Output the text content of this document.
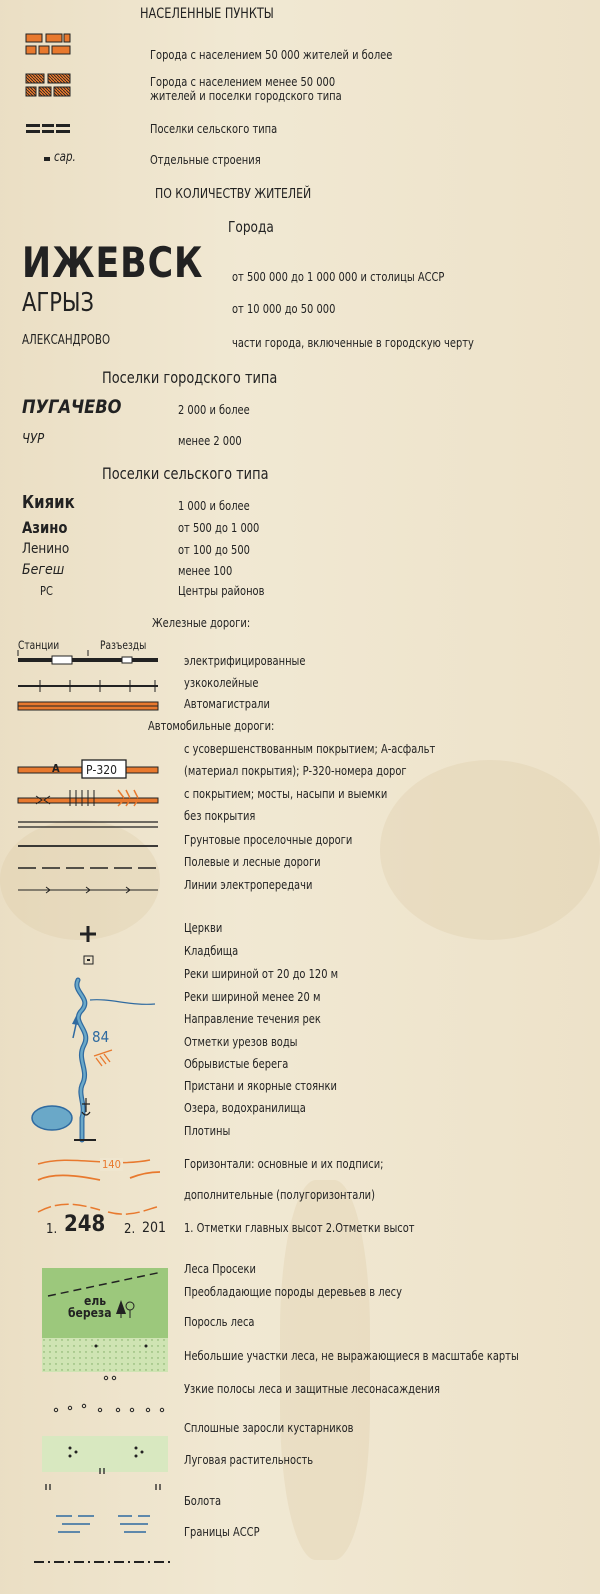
НАСЕЛЕННЫЕ ПУНКТЫ
Города с населением 50 000 жителей и более
Города с населением менее 50 000
жителей и поселки городского типа
Поселки сельского типа
Отдельные строения
сар.
ПО КОЛИЧЕСТВУ ЖИТЕЛЕЙ
Города
ИЖЕВСК от 500 000 до 1 000 000 и столицы АССР
АГРЫЗ	от 10 000 до 50 000
АЛЕКСАНДРОВО	части города, включенные в городскую черту
Поселки городского типа
ПУГАЧЕВО	2 000 и более
ЧУР	менее 2 000
Поселки сельского типа
Кияик	1 000 и более
Азино	от 500 до 1 000
Ленино	от 100 до 500
Бегеш	менее 100
РС	Центры районов
Железные дороги:
Станции	Разъезды
электрифицированные
узкоколейные
Автомагистрали
Автомобильные дороги:
А Р-320
с усовершенствованным покрытием; А-асфальт
(материал покрытия); Р-320-номера дорог
с покрытием; мосты, насыпи и выемки
без покрытия
Грунтовые проселочные дороги
Полевые и лесные дороги
Линии электропередачи
Церкви
Кладбища
Реки шириной от 20 до 120 м
Реки шириной менее 20 м
Направление течения рек
Отметки урезов воды
Обрывистые берега
Пристани и якорные стоянки
Озера, водохранилища
Плотины
84
140	Горизонтали: основные и их подписи;
дополнительные (полугоризонтали)
1. 248 2. 201 1. Отметки главных высот 2.Отметки высот
ель
береза
Леса Просеки
Преобладающие породы деревьев в лесу
Поросль леса
Небольшие участки леса, не выражающиеся в масштабе карты
Узкие полосы леса и защитные лесонасаждения
Сплошные заросли кустарников
Луговая растительность
Болота
Границы АССР
